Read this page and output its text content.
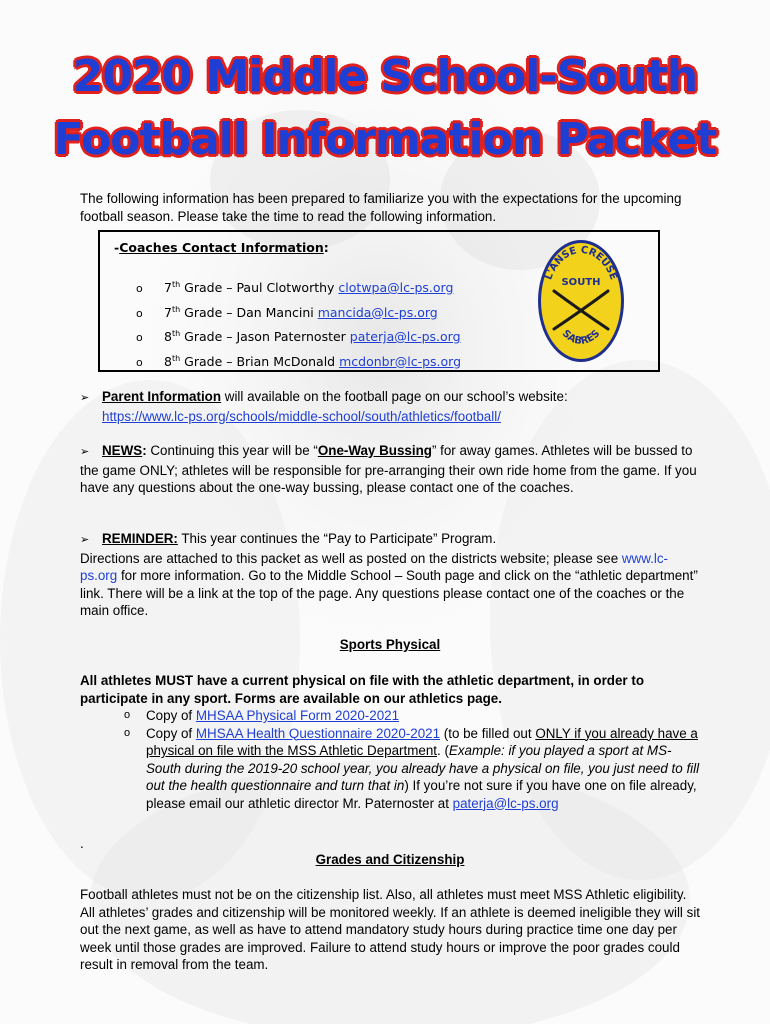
2020 Middle School-South
Football Information Packet

The following information has been prepared to familiarize you with the expectations for the upcoming football season. Please take the time to read the following information.

-Coaches Contact Information:
o 7th Grade – Paul Clotworthy clotwpa@lc-ps.org
o 7th Grade – Dan Mancini mancida@lc-ps.org
o 8th Grade – Jason Paternoster paterja@lc-ps.org
o 8th Grade – Brian McDonald mcdonbr@lc-ps.org
L'ANSE CREUSE
SOUTH
SABRES

➢ Parent Information will available on the football page on our school’s website:

https://www.lc-ps.org/schools/middle-school/south/athletics/football/

➢ NEWS: Continuing this year will be “One-Way Bussing” for away games. Athletes will be bussed to the game ONLY; athletes will be responsible for pre-arranging their own ride home from the game. If you have any questions about the one-way bussing, please contact one of the coaches.

➢ REMINDER: This year continues the “Pay to Participate” Program.

Directions are attached to this packet as well as posted on the districts website; please see www.lc-ps.org for more information. Go to the Middle School – South page and click on the “athletic department” link. There will be a link at the top of the page. Any questions please contact one of the coaches or the main office.

Sports Physical

All athletes MUST have a current physical on file with the athletic department, in order to participate in any sport. Forms are available on our athletics page.

o Copy of MHSAA Physical Form 2020-2021
o Copy of MHSAA Health Questionnaire 2020-2021 (to be filled out ONLY if you already have a physical on file with the MSS Athletic Department. (Example: if you played a sport at MS-South during the 2019-20 school year, you already have a physical on file, you just need to fill out the health questionnaire and turn that in) If you’re not sure if you have one on file already, please email our athletic director Mr. Paternoster at paterja@lc-ps.org

.

Grades and Citizenship

Football athletes must not be on the citizenship list. Also, all athletes must meet MSS Athletic eligibility. All athletes’ grades and citizenship will be monitored weekly. If an athlete is deemed ineligible they will sit out the next game, as well as have to attend mandatory study hours during practice time one day per week until those grades are improved. Failure to attend study hours or improve the poor grades could result in removal from the team.
